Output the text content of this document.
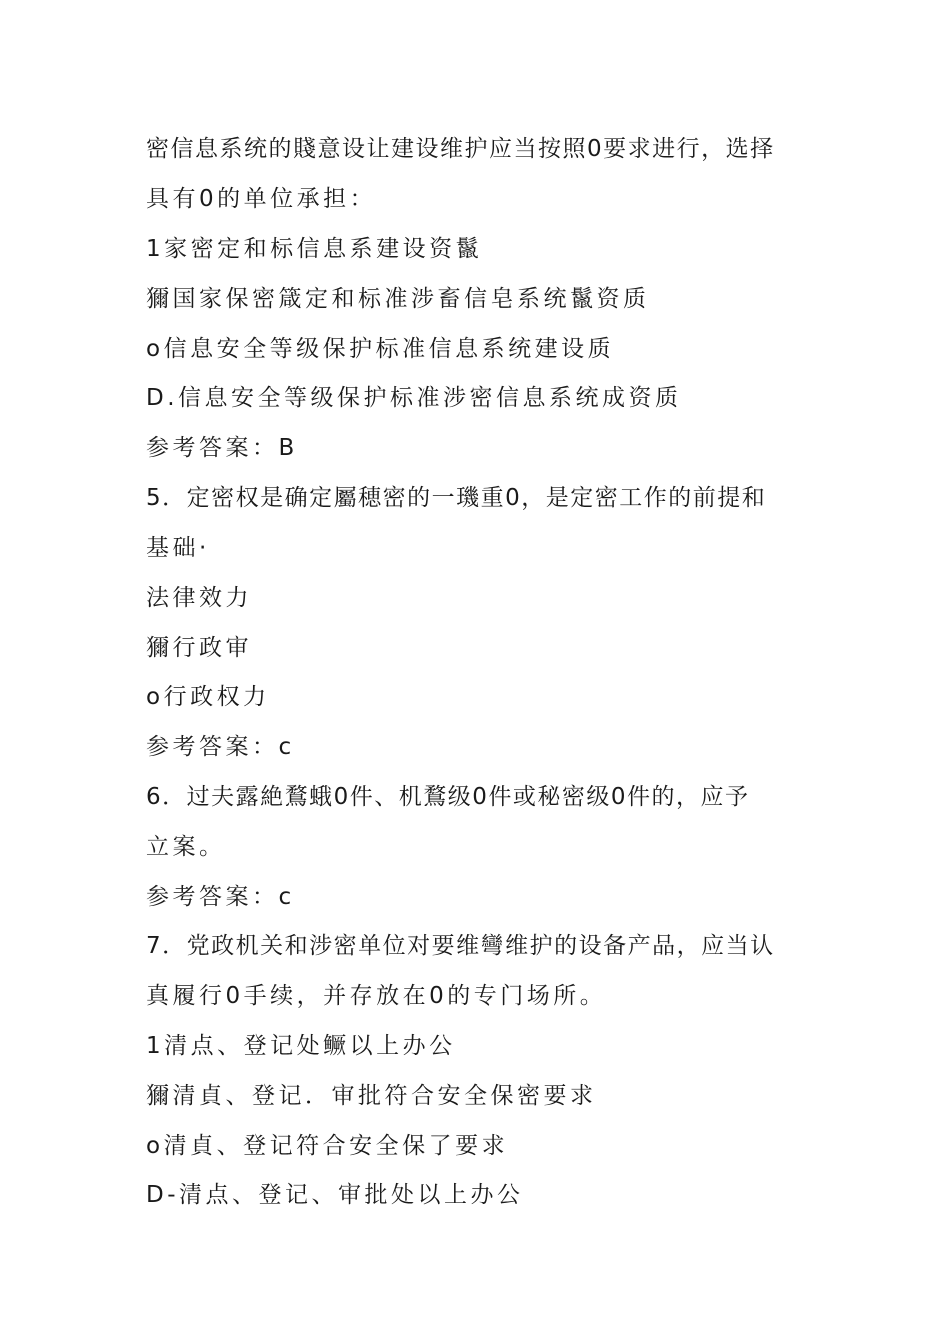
密信息系统的賤意设让建设维护应当按照0要求进行，选择

具有0的单位承担：

1家密定和标信息系建设资鬣

獮国家保密箴定和标准涉畜信皂系统鬣资质

o信息安全等级保护标准信息系统建设质

D.信息安全等级保护标准涉密信息系统成资质

参考答案：B

5．定密权是确定屬穂密的一璣重0，是定密工作的前提和

基础·

法律效力

獮行政审

o行政权力

参考答案：c

6．过夫露絶鶩蛾0件、机鶩级0件或秘密级0件的，应予

立案。

参考答案：c

7．党政机关和涉密单位对要维彎维护的设备产品，应当认

真履行0手续，并存放在0的专门场所。

1清点、登记处鳜以上办公

獮清貞、登记．审批符合安全保密要求

o清貞、登记符合安全保了要求

D-清点、登记、审批处以上办公
